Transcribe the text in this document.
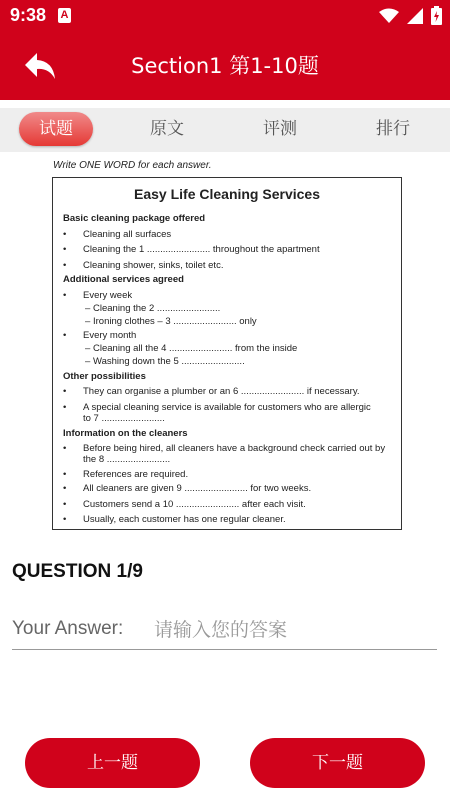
9:38 A
Section1 第1-10题
试题	原文	评测	排行
Write ONE WORD for each answer.
Easy Life Cleaning Services
Basic cleaning package offered
• Cleaning all surfaces
• Cleaning the 1 ........................ throughout the apartment
• Cleaning shower, sinks, toilet etc.
Additional services agreed
• Every week
– Cleaning the 2 ........................
– Ironing clothes – 3 ........................ only
• Every month
– Cleaning all the 4 ........................ from the inside
– Washing down the 5 ........................
Other possibilities
• They can organise a plumber or an 6 ........................ if necessary.
• A special cleaning service is available for customers who are allergic
to 7 ........................
Information on the cleaners
• Before being hired, all cleaners have a background check carried out by
the 8 ........................
• References are required.
• All cleaners are given 9 ........................ for two weeks.
• Customers send a 10 ........................ after each visit.
• Usually, each customer has one regular cleaner.
QUESTION 1/9
Your Answer:
请输入您的答案
上一题	下一题
